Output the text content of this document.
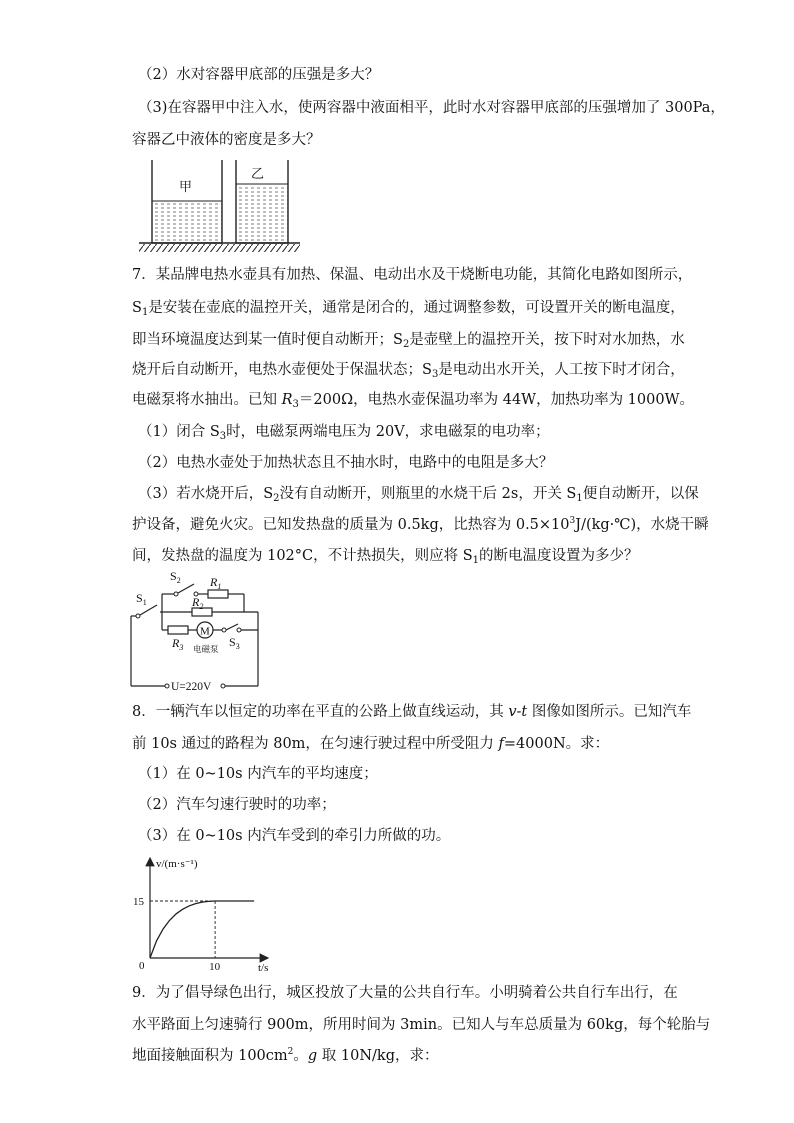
（2）水对容器甲底部的压强是多大？
（3)在容器甲中注入水，使两容器中液面相平，此时水对容器甲底部的压强增加了 300Pa，
容器乙中液体的密度是多大？
甲
乙
7．某品牌电热水壶具有加热、保温、电动出水及干烧断电功能，其简化电路如图所示，
$S_1$是安装在壶底的温控开关，通常是闭合的，通过调整参数，可设置开关的断电温度，
即当环境温度达到某一值时便自动断开；$S_2$是壶壁上的温控开关，按下时对水加热，水
烧开后自动断开，电热水壶便处于保温状态；$S_3$是电动出水开关，人工按下时才闭合，
电磁泵将水抽出。已知 $R_3=200\Omega$，电热水壶保温功率为 44W，加热功率为 1000W。
（1）闭合 $S_3$时，电磁泵两端电压为 20V，求电磁泵的电功率；
（2）电热水壶处于加热状态且不抽水时，电路中的电阻是多大？
（3）若水烧开后，$S_2$没有自动断开，则瓶里的水烧干后 2s，开关 $S_1$便自动断开，以保
护设备，避免火灾。已知发热盘的质量为 0.5kg，比热容为 $0.5\times 10^3J/(kg\cdot℃)$，水烧干瞬
间，发热盘的温度为 102°C，不计热损失，则应将 $S_1$的断电温度设置为多少？
M
$S_1$
$S_2$
$S_3$
$R_1$
$R_2$
$R_3$ 电磁泵
U=220V
8．一辆汽车以恒定的功率在平直的公路上做直线运动，其 v-t 图像如图所示。已知汽车
前 10s 通过的路程为 80m，在匀速行驶过程中所受阻力 f=4000N。求：
（1）在 0~10s 内汽车的平均速度；
（2）汽车匀速行驶时的功率；
（3）在 0~10s 内汽车受到的牵引力所做的功。
v/(m·s⁻¹)
t/s
0	10
15
9．为了倡导绿色出行，城区投放了大量的公共自行车。小明骑着公共自行车出行，在
水平路面上匀速骑行 900m，所用时间为 3min。已知人与车总质量为 60kg，每个轮胎与
地面接触面积为 $100cm^2$。g 取 10N/kg，求：
